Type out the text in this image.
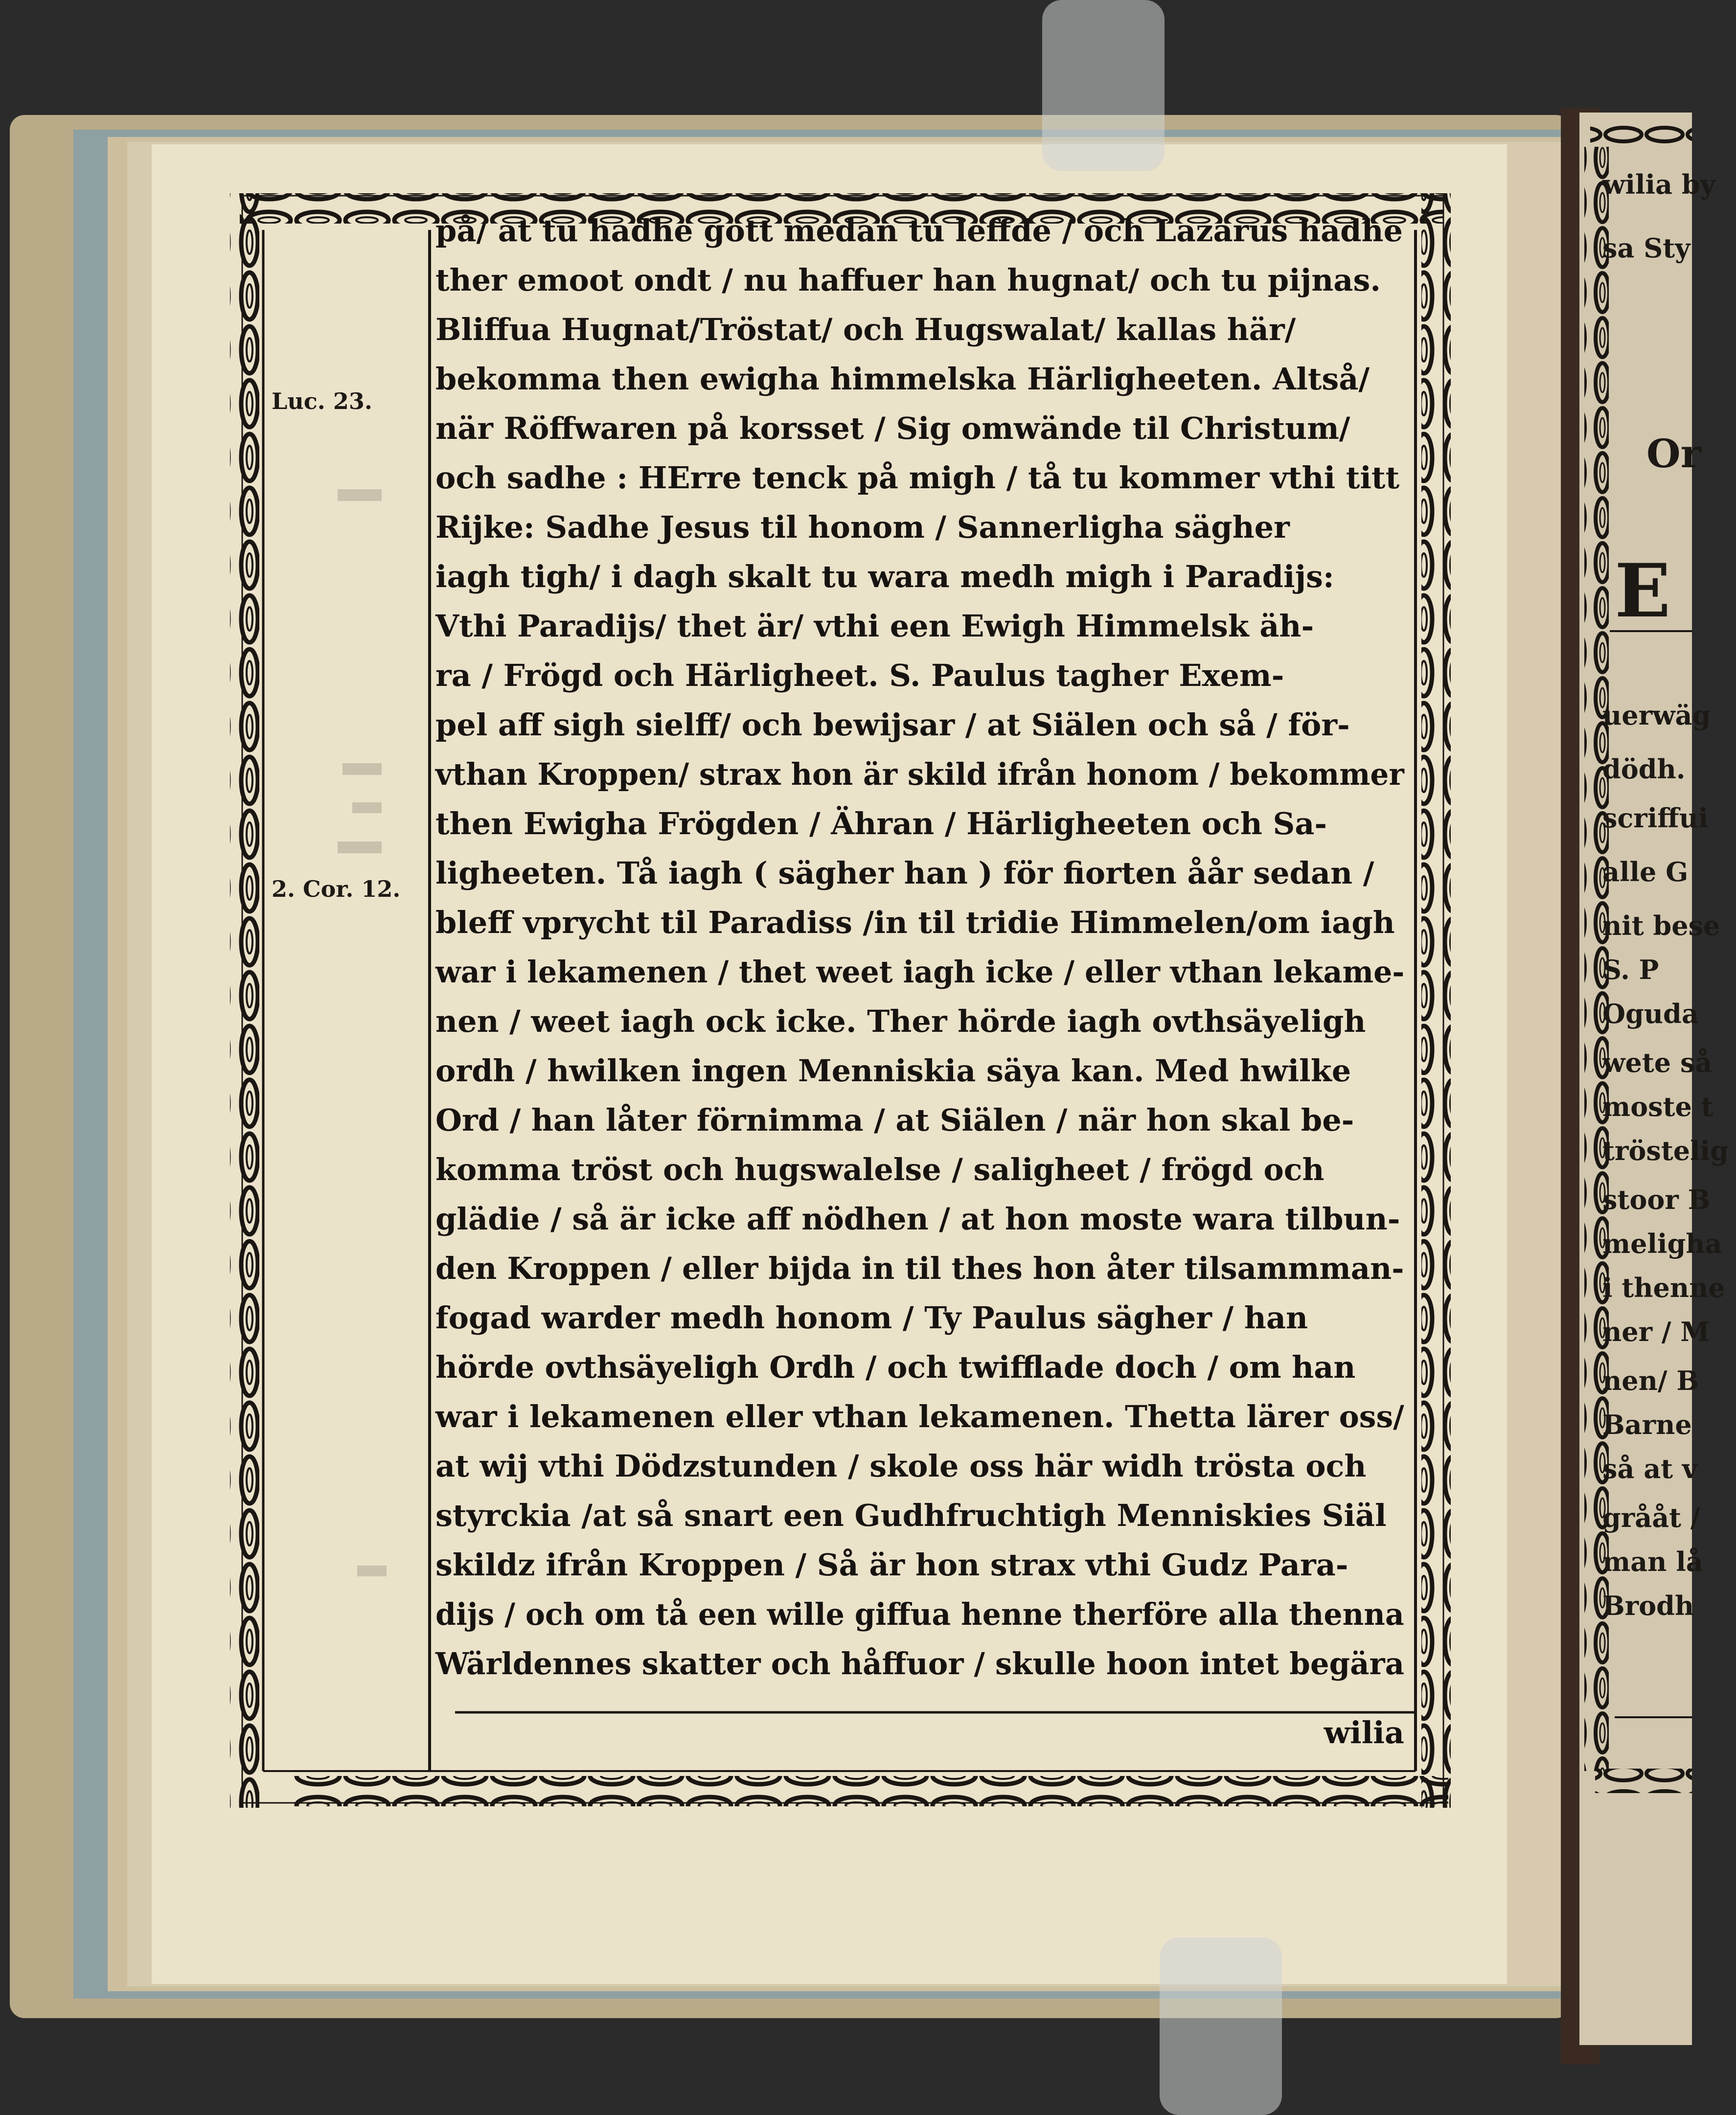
på/ at tu hadhe gott medan tu leffde / och Lazarus hadhe
ther emoot ondt / nu haffuer han hugnat/ och tu pijnas.
Bliffua Hugnat/Tröstat/ och Hugswalat/ kallas här/
bekomma then ewigha himmelska Härligheeten. Altså/
när Röffwaren på korsset / Sig omwände til Christum/
och sadhe : HErre tenck på migh / tå tu kommer vthi titt
Rijke: Sadhe Jesus til honom / Sannerligha sägher
iagh tigh/ i dagh skalt tu wara medh migh i Paradijs:
Vthi Paradijs/ thet är/ vthi een Ewigh Himmelsk äh-
ra / Frögd och Härligheet. S. Paulus tagher Exem-
pel aff sigh sielff/ och bewijsar / at Siälen och så / för-
vthan Kroppen/ strax hon är skild ifrån honom / bekommer
then Ewigha Frögden / Ähran / Härligheeten och Sa-
ligheeten. Tå iagh ( sägher han ) för fiorten åår sedan /
bleff vprycht til Paradiss /in til tridie Himmelen/om iagh
war i lekamenen / thet weet iagh icke / eller vthan lekame-
nen / weet iagh ock icke. Ther hörde iagh ovthsäyeligh
ordh / hwilken ingen Menniskia säya kan. Med hwilke
Ord / han låter förnimma / at Siälen / när hon skal be-
komma tröst och hugswalelse / saligheet / frögd och
glädie / så är icke aff nödhen / at hon moste wara tilbun-
den Kroppen / eller bijda in til thes hon åter tilsammman-
fogad warder medh honom / Ty Paulus sägher / han
hörde ovthsäyeligh Ordh / och twifflade doch / om han
war i lekamenen eller vthan lekamenen. Thetta lärer oss/
at wij vthi Dödzstunden / skole oss här widh trösta och
styrckia /at så snart een Gudhfruchtigh Menniskies Siäl
skildz ifrån Kroppen / Så är hon strax vthi Gudz Para-
dijs / och om tå een wille giffua henne therföre alla thenna
Wärldennes skatter och håffuor / skulle hoon intet begära
Luc. 23.
2. Cor. 12.
wilia
wilia by
sa Sty
Or
E
uerwäg
dödh.
scriffui
alle G
nit bese
S. P
Oguda
wete så
moste t
tröstelig
stoor B
meligha
i thenne
ner / M
nen/ B
Barne
så at v
grååt /
man lå
Brodh
